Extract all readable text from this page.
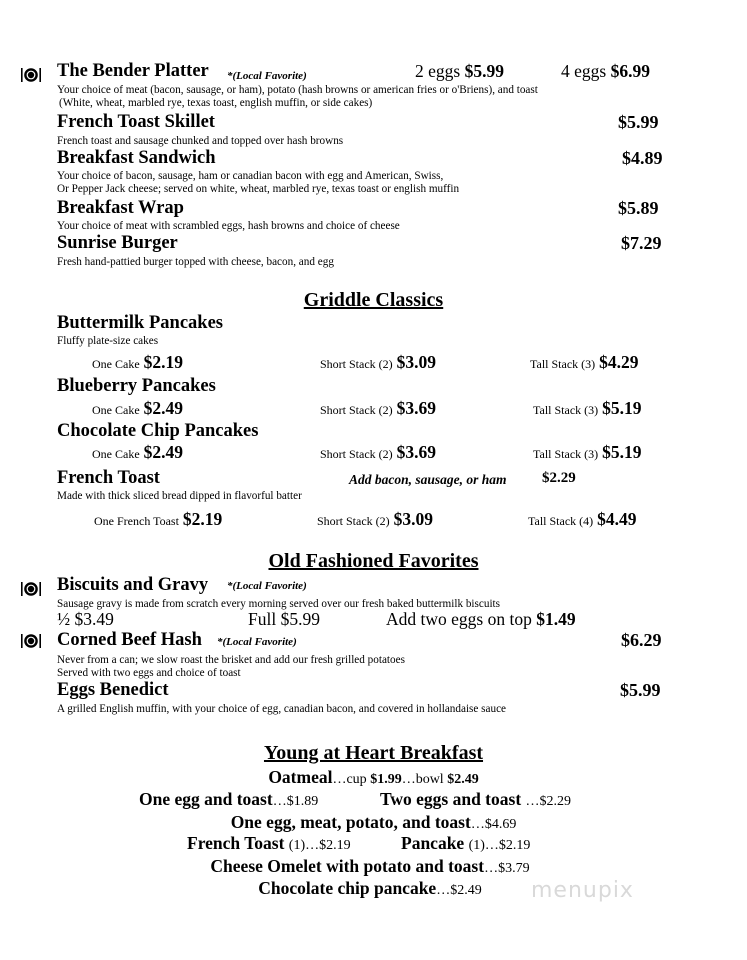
The Bender Platter *(Local Favorite)	2 eggs $5.99	4 eggs $6.99
Your choice of meat (bacon, sausage, or ham), potato (hash browns or american fries or o'Briens), and toast
(White, wheat, marbled rye, texas toast, english muffin, or side cakes)
French Toast Skillet	$5.99
French toast and sausage chunked and topped over hash browns
Breakfast Sandwich	$4.89
Your choice of bacon, sausage, ham or canadian bacon with egg and American, Swiss,
Or Pepper Jack cheese; served on white, wheat, marbled rye, texas toast or english muffin
Breakfast Wrap	$5.89
Your choice of meat with scrambled eggs, hash browns and choice of cheese
Sunrise Burger	$7.29
Fresh hand-pattied burger topped with cheese, bacon, and egg
Griddle Classics
Buttermilk Pancakes
Fluffy plate-size cakes
One Cake $2.19	Short Stack (2) $3.09	Tall Stack (3) $4.29
Blueberry Pancakes
One Cake $2.49	Short Stack (2) $3.69	Tall Stack (3) $5.19
Chocolate Chip Pancakes
One Cake $2.49	Short Stack (2) $3.69	Tall Stack (3) $5.19
French Toast	Add bacon, sausage, or ham $2.29
Made with thick sliced bread dipped in flavorful batter
One French Toast $2.19	Short Stack (2) $3.09	Tall Stack (4) $4.49
Old Fashioned Favorites
Biscuits and Gravy *(Local Favorite)
Sausage gravy is made from scratch every morning served over our fresh baked buttermilk biscuits
½ $3.49	Full $5.99	Add two eggs on top $1.49
Corned Beef Hash *(Local Favorite)	$6.29
Never from a can; we slow roast the brisket and add our fresh grilled potatoes
Served with two eggs and choice of toast
Eggs Benedict	$5.99
A grilled English muffin, with your choice of egg, canadian bacon, and covered in hollandaise sauce
Young at Heart Breakfast
Oatmeal…cup $1.99…bowl $2.49
One egg and toast…$1.89	Two eggs and toast …$2.29
One egg, meat, potato, and toast…$4.69
French Toast (1)…$2.19	Pancake (1)…$2.19
Cheese Omelet with potato and toast…$3.79
Chocolate chip pancake…$2.49	menupix
